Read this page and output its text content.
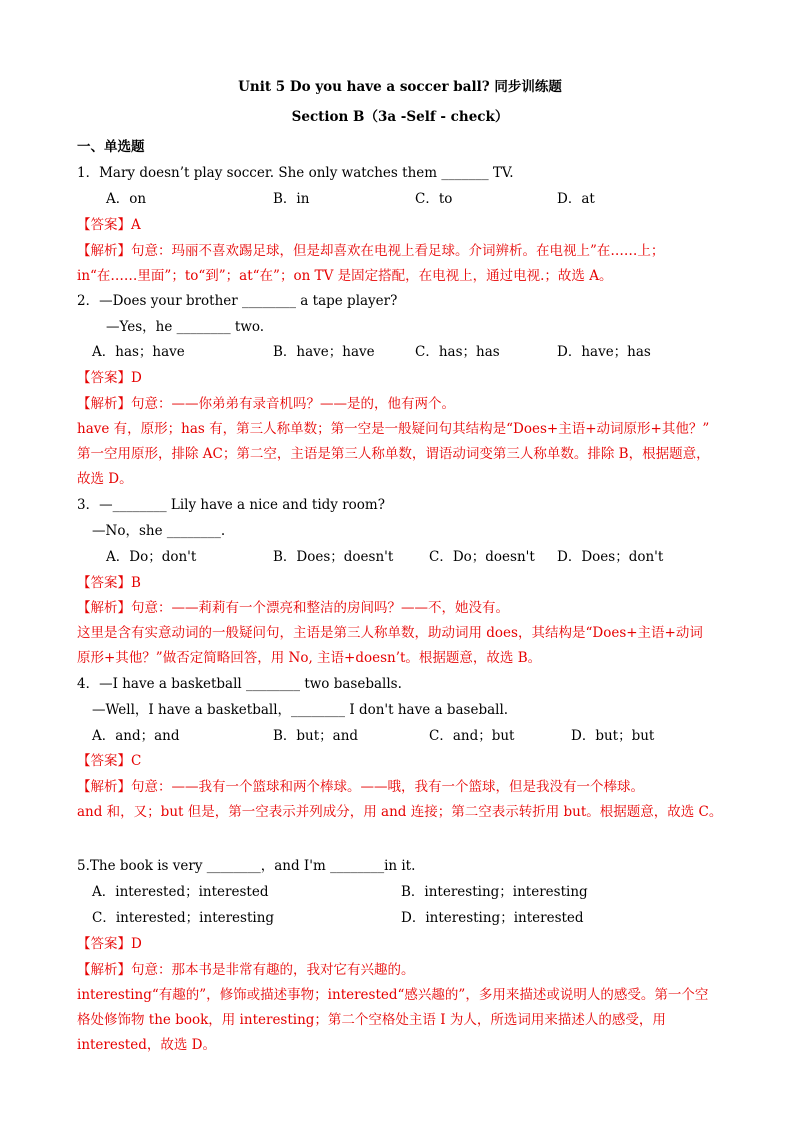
Unit 5 Do you have a soccer ball? 同步训练题
Section B（3a -Self - check）
一、单选题
1．Mary doesn’t play soccer. She only watches them _______ TV.
A．on	B．in	C．to	D．at
【答案】A
【解析】句意：玛丽不喜欢踢足球，但是却喜欢在电视上看足球。介词辨析。在电视上”在……上；
in“在……里面”；to“到”；at“在”；on TV 是固定搭配，在电视上，通过电视.；故选 A。
2．—Does your brother ________ a tape player?
—Yes，he ________ two.
A．has；have	B．have；have	C．has；has	D．have；has
【答案】D
【解析】句意：——你弟弟有录音机吗？——是的，他有两个。
have 有，原形；has 有，第三人称单数；第一空是一般疑问句其结构是“Does+主语+动词原形+其他？”
第一空用原形，排除 AC；第二空，主语是第三人称单数，谓语动词变第三人称单数。排除 B，根据题意，
故选 D。
3．—________ Lily have a nice and tidy room?
—No，she ________.
A．Do；don't	B．Does；doesn't	C．Do；doesn't D．Does；don't
【答案】B
【解析】句意：——莉莉有一个漂亮和整洁的房间吗？——不，她没有。
这里是含有实意动词的一般疑问句，主语是第三人称单数，助动词用 does，其结构是“Does+主语+动词
原形+其他？”做否定简略回答，用 No, 主语+doesn’t。根据题意，故选 B。
4．—I have a basketball ________ two baseballs.
—Well，I have a basketball，________ I don't have a baseball.
A．and；and	B．but；and	C．and；but	D．but；but
【答案】C
【解析】句意：——我有一个篮球和两个棒球。——哦，我有一个篮球，但是我没有一个棒球。
and 和，又；but 但是，第一空表示并列成分，用 and 连接；第二空表示转折用 but。根据题意，故选 C。
5.The book is very ________，and I'm ________in it.
A．interested；interested	B．interesting；interesting
C．interested；interesting	D．interesting；interested
【答案】D
【解析】句意：那本书是非常有趣的，我对它有兴趣的。
interesting“有趣的”，修饰或描述事物；interested“感兴趣的”，多用来描述或说明人的感受。第一个空
格处修饰物 the book，用 interesting；第二个空格处主语 I 为人，所选词用来描述人的感受，用
interested，故选 D。
